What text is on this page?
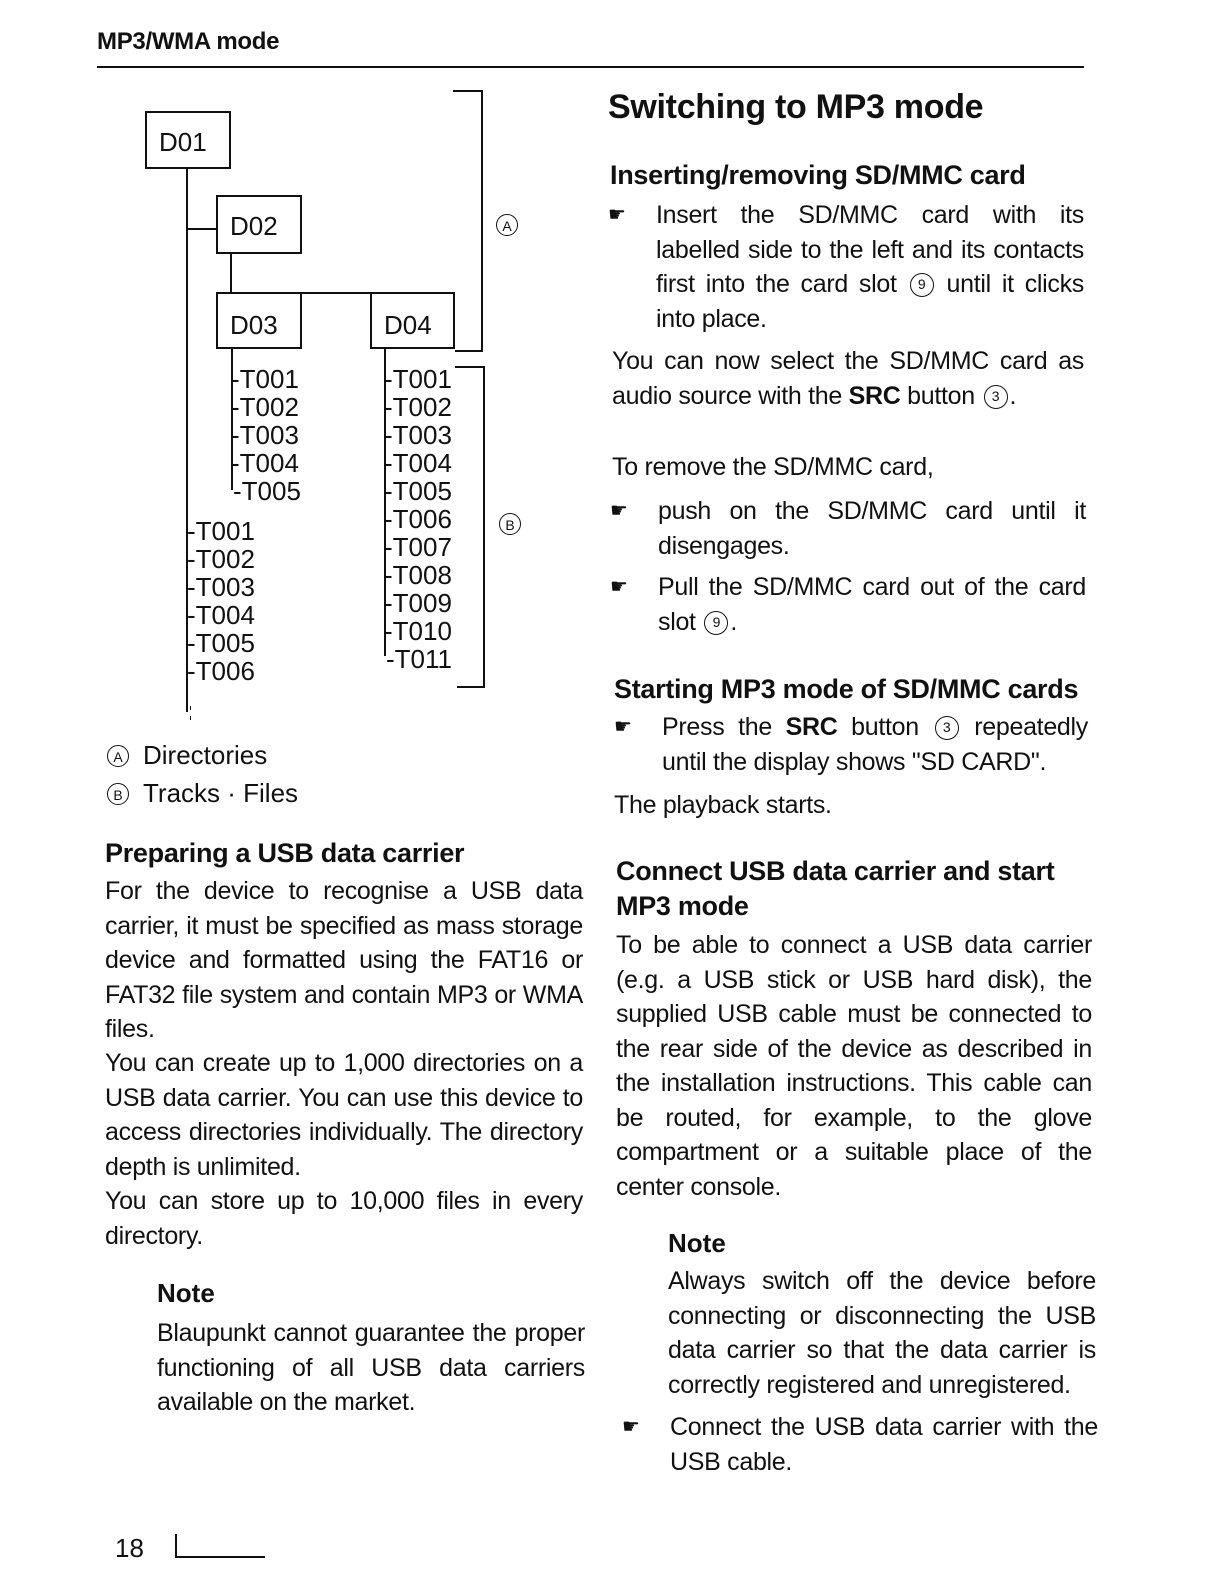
MP3/WMA mode
D01
D02
D03	D04
A
B
-T001
-T002
-T003
-T004
-T005
-T001
-T002
-T003
-T004
-T005
-T006
-T007
-T008
-T009
-T010
-T011
-T001
-T002
-T003
-T004
-T005
-T006
A Directories
B Tracks · Files
Preparing a USB data carrier
For the device to recognise a USB data carrier, it must be specified as mass storage device and formatted using the FAT16 or FAT32 file system and contain MP3 or WMA files.
You can create up to 1,000 directories on a USB data carrier. You can use this device to access directories individually. The directory depth is unlimited.
You can store up to 10,000 files in every directory.
Note
Blaupunkt cannot guarantee the proper functioning of all USB data carriers available on the market.
Switching to MP3 mode
Inserting/removing SD/MMC card
☛ Insert the SD/MMC card with its labelled side to the left and its contacts first into the card slot 9 until it clicks into place.
You can now select the SD/MMC card as audio source with the SRC button 3 .
To remove the SD/MMC card,
☛ push on the SD/MMC card until it disengages.
☛ Pull the SD/MMC card out of the card slot 9 .
Starting MP3 mode of SD/MMC cards
☛ Press the SRC button 3 repeatedly until the display shows "SD CARD".
The playback starts.
Connect USB data carrier and start MP3 mode
To be able to connect a USB data carrier (e.g. a USB stick or USB hard disk), the supplied USB cable must be connected to the rear side of the device as described in the installation instructions. This cable can be routed, for example, to the glove compartment or a suitable place of the center console.
Note
Always switch off the device before connecting or disconnecting the USB data carrier so that the data carrier is correctly registered and unregistered.
☛ Connect the USB data carrier with the USB cable.
18
